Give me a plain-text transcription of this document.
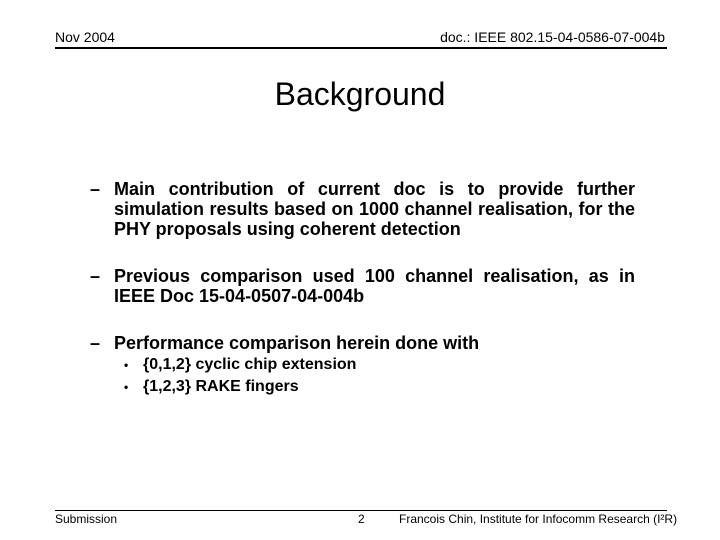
Nov 2004	doc.: IEEE 802.15-04-0586-07-004b
Background
– Main contribution of current doc is to provide further simulation results based on 1000 channel realisation, for the PHY proposals using coherent detection
– Previous comparison used 100 channel realisation, as in IEEE Doc 15-04-0507-04-004b
– Performance comparison herein done with
• {0,1,2} cyclic chip extension
• {1,2,3} RAKE fingers
Submission	2	Francois Chin, Institute for Infocomm Research (I²R)
